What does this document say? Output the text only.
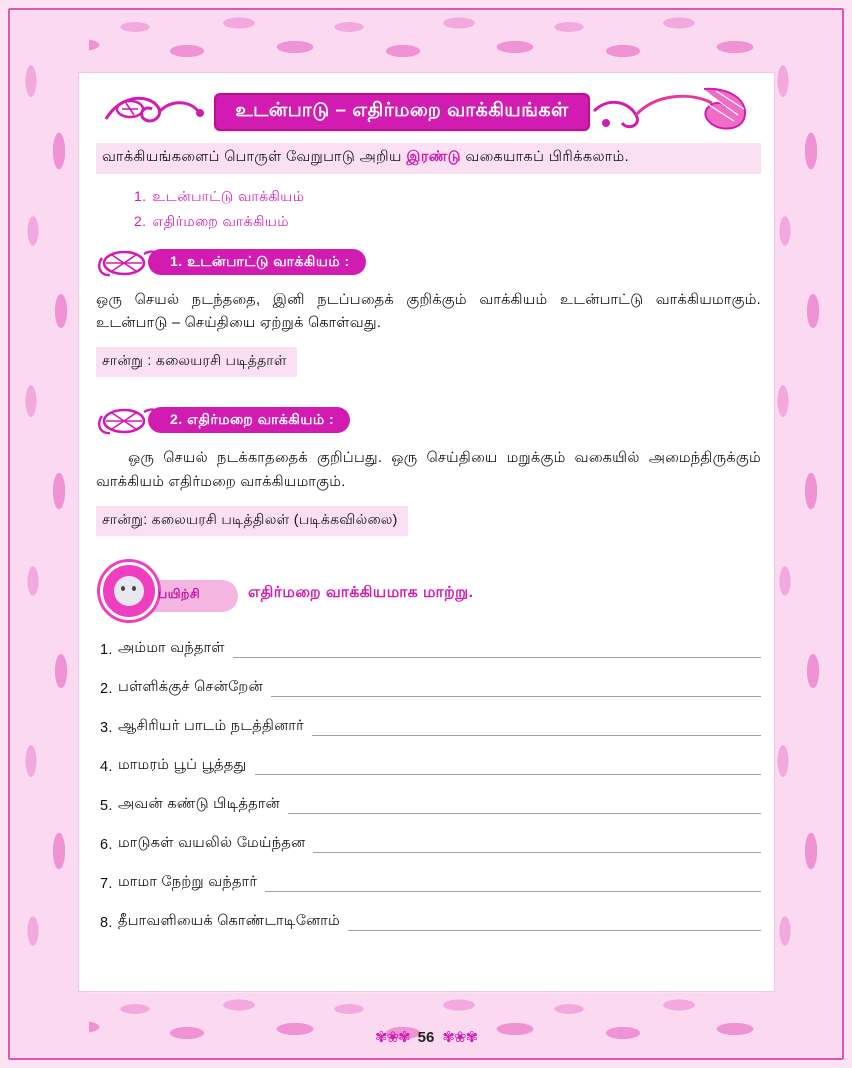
உடன்பாடு – எதிர்மறை வாக்கியங்கள்
வாக்கியங்களைப் பொருள் வேறுபாடு அறிய இரண்டு வகையாகப் பிரிக்கலாம்.
1. உடன்பாட்டு வாக்கியம்
2. எதிர்மறை வாக்கியம்
1. உடன்பாட்டு வாக்கியம் :
ஒரு செயல் நடந்ததை, இனி நடப்பதைக் குறிக்கும் வாக்கியம் உடன்பாட்டு வாக்கியமாகும். உடன்பாடு – செய்தியை ஏற்றுக் கொள்வது.
சான்று : கலையரசி படித்தாள்
2. எதிர்மறை வாக்கியம் :
ஒரு செயல் நடக்காததைக் குறிப்பது. ஒரு செய்தியை மறுக்கும் வகையில் அமைந்திருக்கும் வாக்கியம் எதிர்மறை வாக்கியமாகும்.
சான்று: கலையரசி படித்திலள் (படிக்கவில்லை)
பயிற்சி	எதிர்மறை வாக்கியமாக மாற்று.
1. அம்மா வந்தாள்
2. பள்ளிக்குச் சென்றேன்
3. ஆசிரியர் பாடம் நடத்தினார்
4. மாமரம் பூப் பூத்தது
5. அவன் கண்டு பிடித்தான்
6. மாடுகள் வயலில் மேய்ந்தன
7. மாமா நேற்று வந்தார்
8. தீபாவளியைக் கொண்டாடினோம்
✾❀✾ 56 ✾❀✾
